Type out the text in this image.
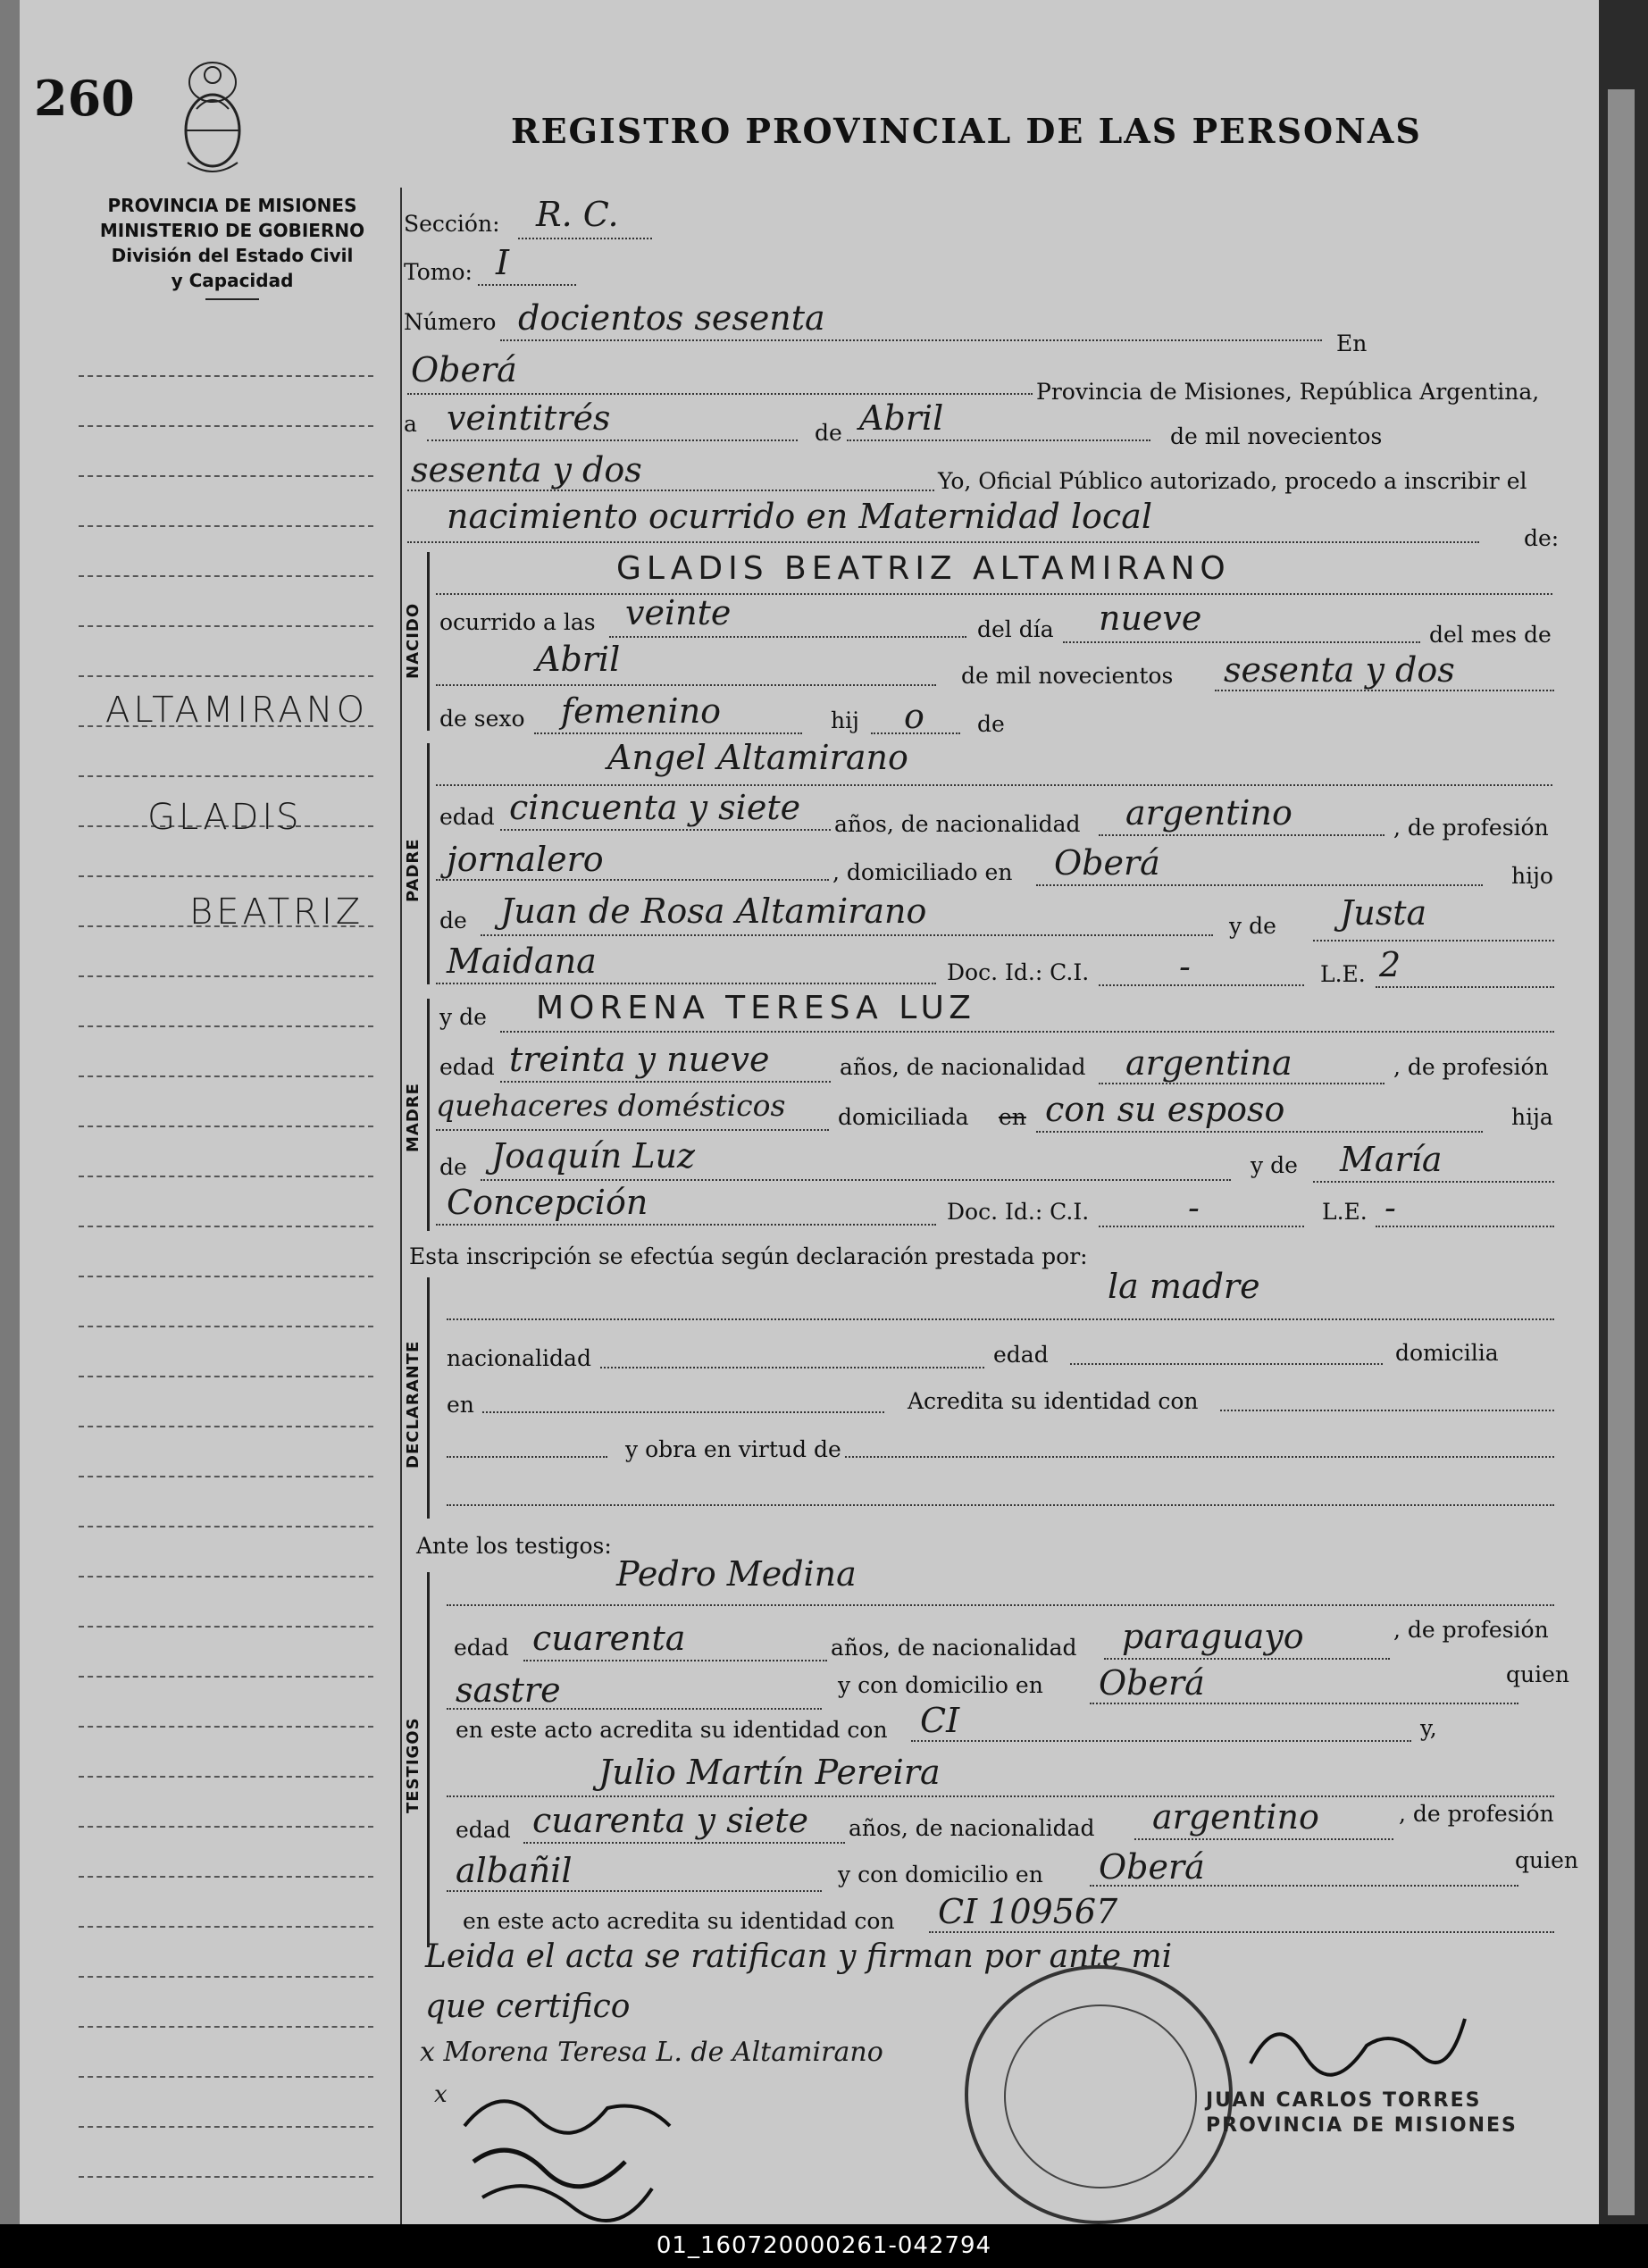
260
REGISTRO PROVINCIAL DE LAS PERSONAS
PROVINCIA DE MISIONES
MINISTERIO DE GOBIERNO
División del Estado Civil
y Capacidad
ALTAMIRANO
GLADIS
BEATRIZ
Sección: R. C.
Tomo: I
Número docientos sesenta
En
Oberá
Provincia de Misiones, República Argentina,
a veintitrés	de Abril	de mil novecientos
sesenta y dos	Yo, Oficial Público autorizado, procedo a inscribir el
nacimiento ocurrido en Maternidad local
de:
NACIDO
GLADIS BEATRIZ ALTAMIRANO
ocurrido a las veinte	del día nueve	del mes de
Abril	de mil novecientos sesenta y dos
de sexo femenino	hij o de
PADRE
Angel Altamirano
edad cincuenta y siete años, de nacionalidad argentino	, de profesión
jornalero	, domiciliado en Oberá	hijo
de Juan de Rosa Altamirano	y de Justa
Maidana	Doc. Id.: C.I.	-	L.E. 2
MADRE
y de MORENA TERESA LUZ
edad treinta y nueve	años, de nacionalidad argentina	, de profesión
quehaceres domésticos domiciliada en con su esposo	hija
de Joaquín Luz	y de María
Concepción	Doc. Id.: C.I.	-	L.E. -
Esta inscripción se efectúa según declaración prestada por:
DECLARANTE
la madre
nacionalidad	edad	domicilia
en	Acredita su identidad con
y obra en virtud de
Ante los testigos:
TESTIGOS
Pedro Medina
edad cuarenta	años, de nacionalidad paraguayo	, de profesión
sastre	y con domicilio en Oberá	quien
en este acto acredita su identidad con CI	y,
Julio Martín Pereira
edad cuarenta y siete años, de nacionalidad argentino	, de profesión
albañil	y con domicilio en Oberá	quien
en este acto acredita su identidad con CI 109567
Leida el acta se ratifican y firman por ante mi
que certifico
x Morena Teresa L. de Altamirano
x	JUAN CARLOS TORRES
PROVINCIA DE MISIONES
01_160720000261-042794
